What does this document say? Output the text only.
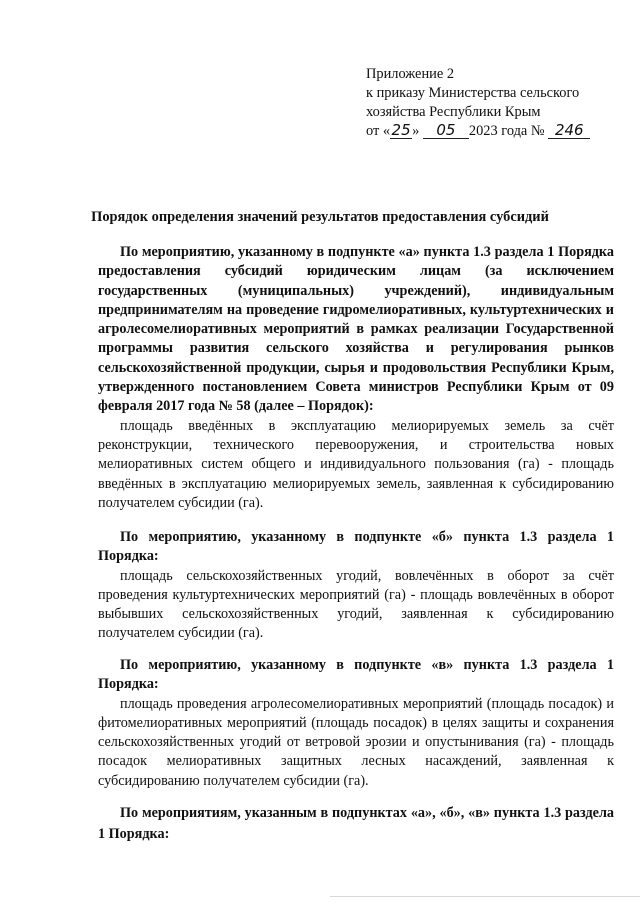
Приложение 2
к приказу Министерства сельского
хозяйства Республики Крым
от «25» 05 2023 года № 246
Порядок определения значений результатов предоставления субсидий
По мероприятию, указанному в подпункте «а» пункта 1.3 раздела 1 Порядка предоставления субсидий юридическим лицам (за исключением государственных (муниципальных) учреждений), индивидуальным предпринимателям на проведение гидромелиоративных, культуртехнических и агролесомелиоративных мероприятий в рамках реализации Государственной программы развития сельского хозяйства и регулирования рынков сельскохозяйственной продукции, сырья и продовольствия Республики Крым, утвержденного постановлением Совета министров Республики Крым от 09 февраля 2017 года № 58 (далее – Порядок):
площадь введённых в эксплуатацию мелиорируемых земель за счёт реконструкции, технического перевооружения, и строительства новых мелиоративных систем общего и индивидуального пользования (га) - площадь введённых в эксплуатацию мелиорируемых земель, заявленная к субсидированию получателем субсидии (га).
По мероприятию, указанному в подпункте «б» пункта 1.3 раздела 1 Порядка:
площадь сельскохозяйственных угодий, вовлечённых в оборот за счёт проведения культуртехнических мероприятий (га) - площадь вовлечённых в оборот выбывших сельскохозяйственных угодий, заявленная к субсидированию получателем субсидии (га).
По мероприятию, указанному в подпункте «в» пункта 1.3 раздела 1 Порядка:
площадь проведения агролесомелиоративных мероприятий (площадь посадок) и фитомелиоративных мероприятий (площадь посадок) в целях защиты и сохранения сельскохозяйственных угодий от ветровой эрозии и опустынивания (га) - площадь посадок мелиоративных защитных лесных насаждений, заявленная к субсидированию получателем субсидии (га).
По мероприятиям, указанным в подпунктах «а», «б», «в» пункта 1.3 раздела 1 Порядка:
